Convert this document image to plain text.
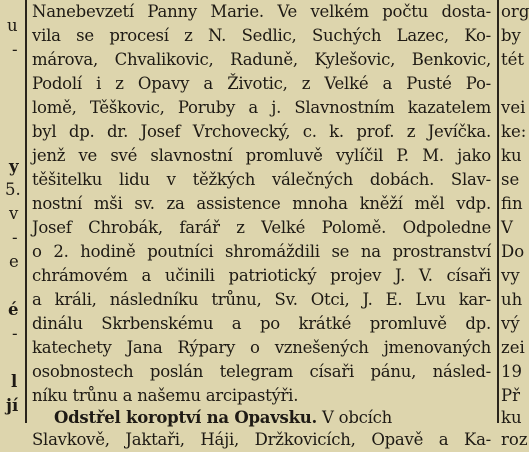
u
-
y
5.
v
-
e
é
-
l
jí
Nanebevzetí Panny Marie. Ve velkém počtu dosta-
vila se procesí z N. Sedlic, Suchých Lazec, Ko-
márova, Chvalikovic, Raduně, Kylešovic, Benkovic,
Podolí i z Opavy a Životic, z Velké a Pusté Po-
lomě, Těškovic, Poruby a j. Slavnostním kazatelem
byl dp. dr. Josef Vrchovecký, c. k. prof. z Jevíčka.
jenž ve své slavnostní promluvě vylíčil P. M. jako
těšitelku lidu v těžkých válečných dobách. Slav-
nostní mši sv. za assistence mnoha kněží měl vdp.
Josef Chrobák, farář z Velké Polomě. Odpoledne
o 2. hodině poutníci shromáždili se na prostranství
chrámovém a učinili patriotický projev J. V. císaři
a králi, následníku trůnu, Sv. Otci, J. E. Lvu kar-
dinálu Skrbenskému a po krátké promluvě dp.
katechety Jana Rýpary o vznešených jmenovaných
osobnostech poslán telegram císaři pánu, násled-
níku trůnu a našemu arcipastýři.
Odstřel koroptví na Opavsku. V obcích
Slavkově, Jaktaři, Háji, Držkovicích, Opavě a Ka-
org
by
tét
vei
ke:
ku
se
fin
V
Do
vy
uh
vý
zei
19
Př
ku
roz
